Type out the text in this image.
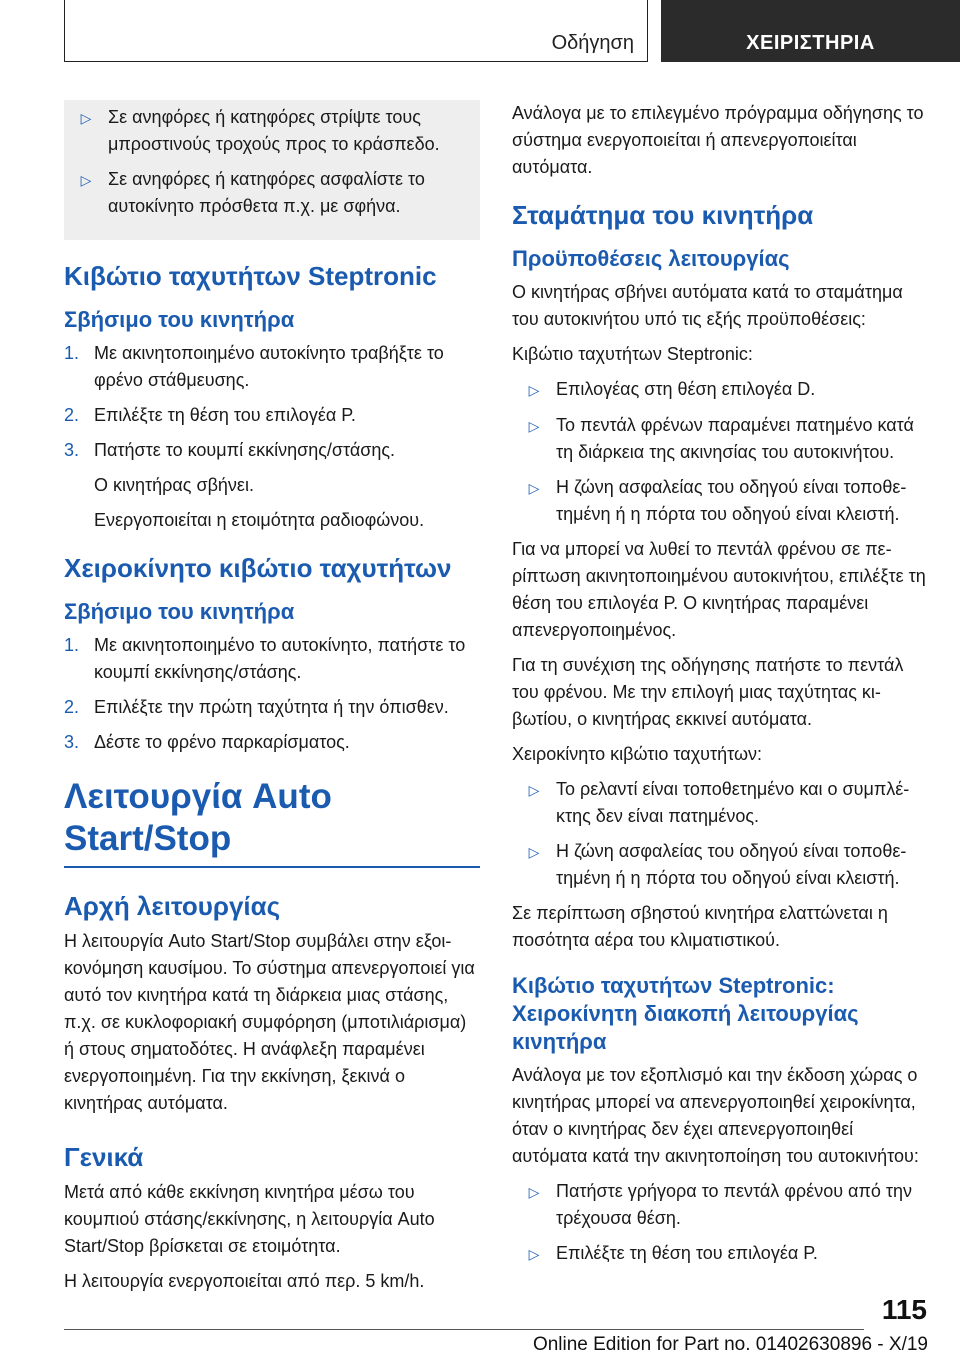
Οδήγηση	ΧΕΙΡΙΣΤΗΡΙΑ
▷ Σε ανηφόρες ή κατηφόρες στρίψτε τους μπροστινούς τροχούς προς το κράσπεδο.
▷ Σε ανηφόρες ή κατηφόρες ασφαλίστε το αυτοκίνητο πρόσθετα π.χ. με σφήνα.
Κιβώτιο ταχυτήτων Steptronic
Σβήσιμο του κινητήρα
1. Με ακινητοποιημένο αυτοκίνητο τραβήξτε το φρένο στάθμευσης.
2. Επιλέξτε τη θέση του επιλογέα P.
3. Πατήστε το κουμπί εκκίνησης/στάσης.
Ο κινητήρας σβήνει.
Ενεργοποιείται η ετοιμότητα ραδιοφώνου.
Χειροκίνητο κιβώτιο ταχυτήτων
Σβήσιμο του κινητήρα
1. Με ακινητοποιημένο το αυτοκίνητο, πατήστε το κουμπί εκκίνησης/στάσης.
2. Επιλέξτε την πρώτη ταχύτητα ή την όπισθεν.
3. Δέστε το φρένο παρκαρίσματος.
Λειτουργία Auto Start/Stop
Αρχή λειτουργίας
Η λειτουργία Auto Start/Stop συμβάλει στην εξοικονόμηση καυσίμου. Το σύστημα απενεργοποιεί για αυτό τον κινητήρα κατά τη διάρκεια μιας στάσης, π.χ. σε κυκλοφοριακή συμφόρηση (μποτιλιάρισμα) ή στους σηματοδότες. Η ανάφλεξη παραμένει ενεργοποιημένη. Για την εκκίνηση, ξεκινά ο κινητήρας αυτόματα.
Γενικά
Μετά από κάθε εκκίνηση κινητήρα μέσω του κουμπιού στάσης/εκκίνησης, η λειτουργία Auto Start/Stop βρίσκεται σε ετοιμότητα.
Η λειτουργία ενεργοποιείται από περ. 5 km/h.
Ανάλογα με το επιλεγμένο πρόγραμμα οδήγησης το σύστημα ενεργοποιείται ή απενεργοποιείται αυτόματα.
Σταμάτημα του κινητήρα
Προϋποθέσεις λειτουργίας
Ο κινητήρας σβήνει αυτόματα κατά το σταμάτημα του αυτοκινήτου υπό τις εξής προϋποθέσεις:
Κιβώτιο ταχυτήτων Steptronic:
▷ Επιλογέας στη θέση επιλογέα D.
▷ Το πεντάλ φρένων παραμένει πατημένο κατά τη διάρκεια της ακινησίας του αυτοκινήτου.
▷ Η ζώνη ασφαλείας του οδηγού είναι τοποθετημένη ή η πόρτα του οδηγού είναι κλειστή.
Για να μπορεί να λυθεί το πεντάλ φρένου σε περίπτωση ακινητοποιημένου αυτοκινήτου, επιλέξτε τη θέση του επιλογέα P. Ο κινητήρας παραμένει απενεργοποιημένος.
Για τη συνέχιση της οδήγησης πατήστε το πεντάλ του φρένου. Με την επιλογή μιας ταχύτητας κιβωτίου, ο κινητήρας εκκινεί αυτόματα.
Χειροκίνητο κιβώτιο ταχυτήτων:
▷ Το ρελαντί είναι τοποθετημένο και ο συμπλέκτης δεν είναι πατημένος.
▷ Η ζώνη ασφαλείας του οδηγού είναι τοποθετημένη ή η πόρτα του οδηγού είναι κλειστή.
Σε περίπτωση σβηστού κινητήρα ελαττώνεται η ποσότητα αέρα του κλιματιστικού.
Κιβώτιο ταχυτήτων Steptronic: Χειροκίνητη διακοπή λειτουργίας κινητήρα
Ανάλογα με τον εξοπλισμό και την έκδοση χώρας ο κινητήρας μπορεί να απενεργοποιηθεί χειροκίνητα, όταν ο κινητήρας δεν έχει απενεργοποιηθεί αυτόματα κατά την ακινητοποίηση του αυτοκινήτου:
▷ Πατήστε γρήγορα το πεντάλ φρένου από την τρέχουσα θέση.
▷ Επιλέξτε τη θέση του επιλογέα P.
115
Online Edition for Part no. 01402630896 - X/19
